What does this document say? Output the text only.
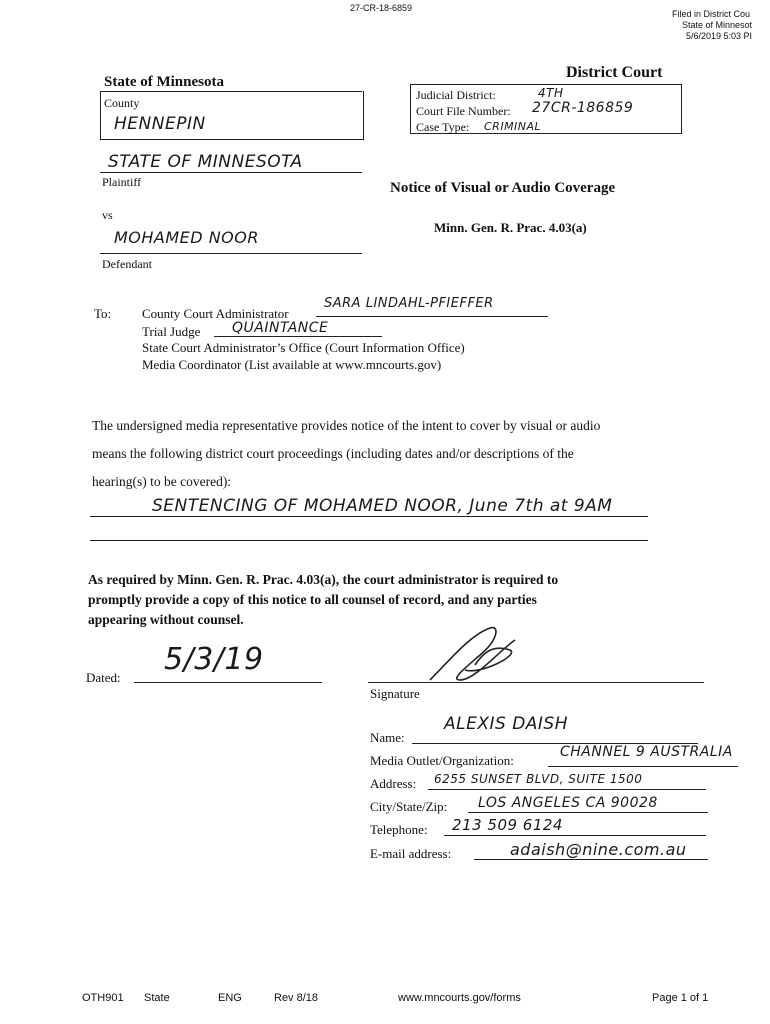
27-CR-18-6859
Filed in District Cou
State of Minnesot
5/6/2019 5:03 PI
State of Minnesota
County
HENNEPIN
District Court
Judicial District:	4TH
Court File Number: 27CR-186859
Case Type: CRIMINAL
STATE OF MINNESOTA
Plaintiff
vs
MOHAMED NOOR
Defendant
Notice of Visual or Audio Coverage
Minn. Gen. R. Prac. 4.03(a)
To: County Court Administrator
SARA LINDAHL-PFIEFFER
Trial Judge QUAINTANCE
State Court Administrator’s Office (Court Information Office)
Media Coordinator (List available at www.mncourts.gov)
The undersigned media representative provides notice of the intent to cover by visual or audio
means the following district court proceedings (including dates and/or descriptions of the
hearing(s) to be covered):
SENTENCING OF MOHAMED NOOR, June 7th at 9AM
As required by Minn. Gen. R. Prac. 4.03(a), the court administrator is required to
promptly provide a copy of this notice to all counsel of record, and any parties
appearing without counsel.
Dated:
5/3/19
Signature
Name:
ALEXIS DAISH
Media Outlet/Organization:
CHANNEL 9 AUSTRALIA
Address: 6255 SUNSET BLVD, SUITE 1500
City/State/Zip: LOS ANGELES CA 90028
Telephone: 213 509 6124
E-mail address:	adaish@nine.com.au
OTH901 State	ENG	Rev 8/18	www.mncourts.gov/forms	Page 1 of 1
